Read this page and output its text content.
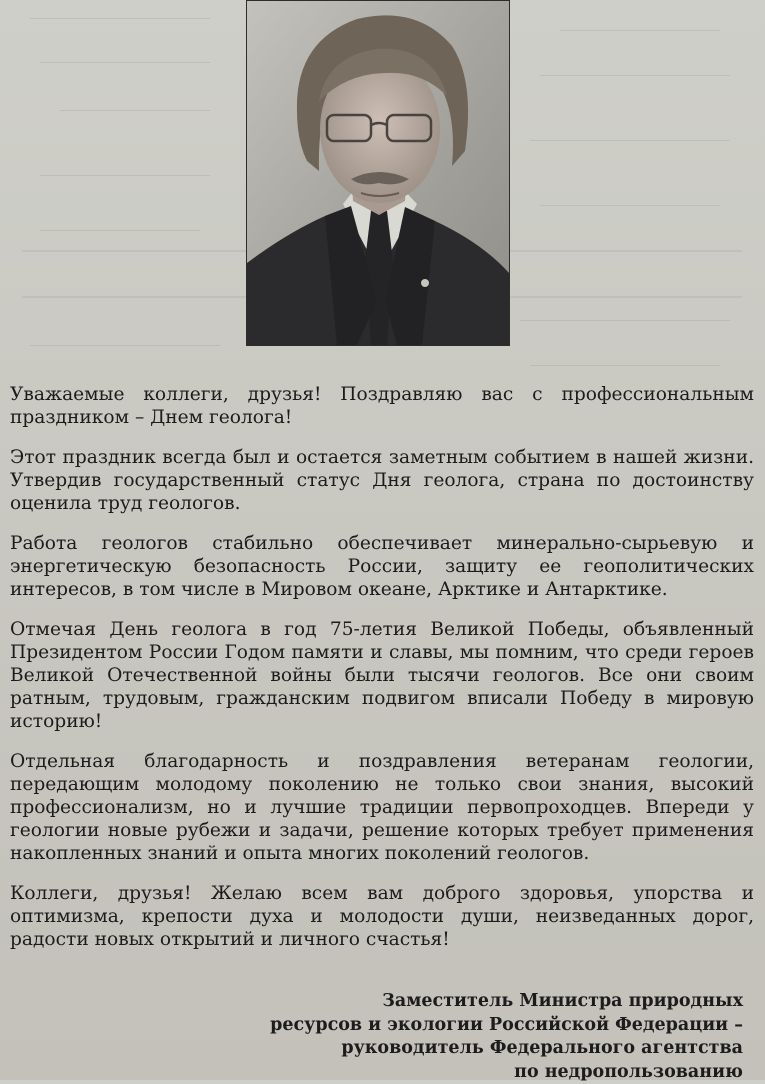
Уважаемые коллеги, друзья! Поздравляю вас с профессиональным праздником – Днем геолога!

Этот праздник всегда был и остается заметным событием в нашей жизни. Утвердив государственный статус Дня геолога, страна по достоинству оценила труд геологов.

Работа геологов стабильно обеспечивает минерально-сырьевую и энергетическую безопасность России, защиту ее геополитических интересов, в том числе в Мировом океане, Арктике и Антарктике.

Отмечая День геолога в год 75-летия Великой Победы, объявленный Президентом России Годом памяти и славы, мы помним, что среди героев Великой Отечественной войны были тысячи геологов. Все они своим ратным, трудовым, гражданским подвигом вписали Победу в мировую историю!

Отдельная благодарность и поздравления ветеранам геологии, передающим молодому поколению не только свои знания, высокий профессионализм, но и лучшие традиции первопроходцев. Впереди у геологии новые рубежи и задачи, решение которых требует применения накопленных знаний и опыта многих поколений геологов.

Коллеги, друзья! Желаю всем вам доброго здоровья, упорства и оптимизма, крепости духа и молодости души, неизведанных дорог, радости новых открытий и личного счастья!

Заместитель Министра природных
ресурсов и экологии Российской Федерации –
руководитель Федерального агентства
по недропользованию
